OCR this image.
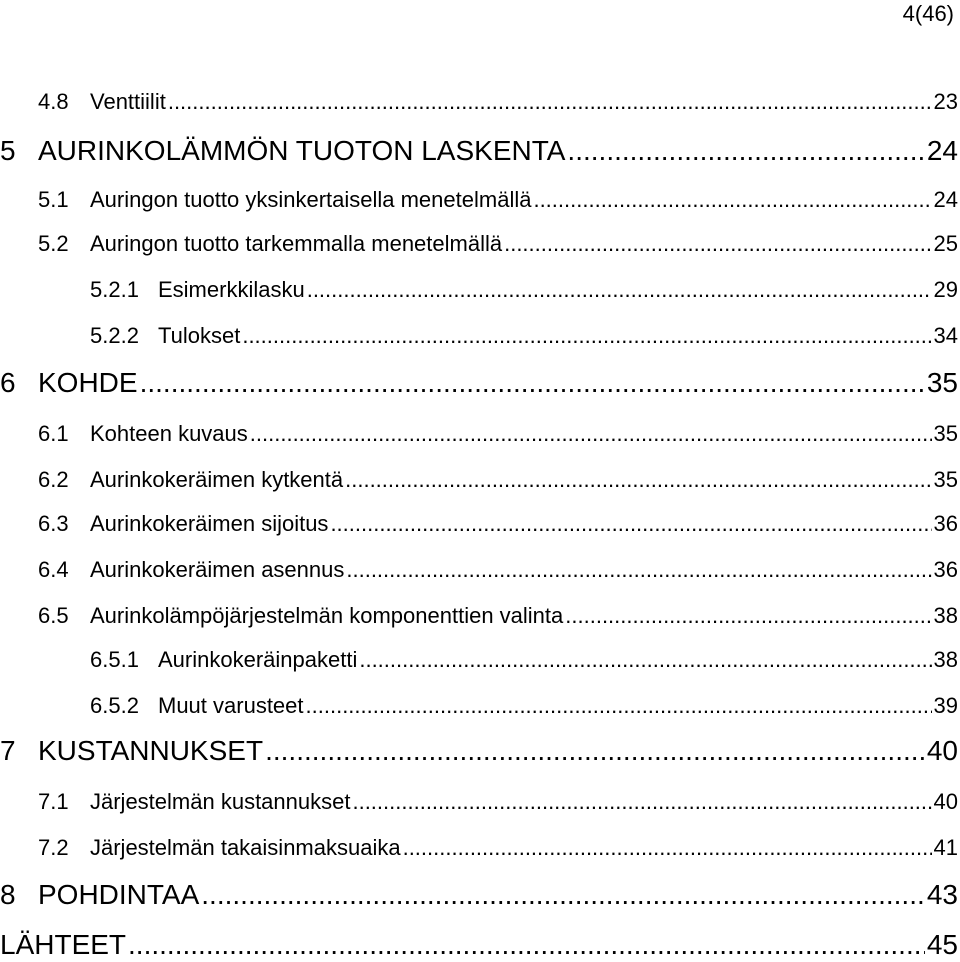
4(46)
4.8 Venttiilit .....	23
5 AURINKOLÄMMÖN TUOTON LASKENTA .....	24
5.1 Auringon tuotto yksinkertaisella menetelmällä .....	24
5.2 Auringon tuotto tarkemmalla menetelmällä .....	25
5.2.1 Esimerkkilasku .....	29
5.2.2 Tulokset .....	34
6 KOHDE .....	35
6.1 Kohteen kuvaus .....	35
6.2 Aurinkokeräimen kytkentä .....	35
6.3 Aurinkokeräimen sijoitus .....	36
6.4 Aurinkokeräimen asennus .....	36
6.5 Aurinkolämpöjärjestelmän komponenttien valinta .....	38
6.5.1 Aurinkokeräinpaketti .....	38
6.5.2 Muut varusteet .....	39
7 KUSTANNUKSET .....	40
7.1 Järjestelmän kustannukset .....	40
7.2 Järjestelmän takaisinmaksuaika .....	41
8 POHDINTAA .....	43
LÄHTEET .....	45
